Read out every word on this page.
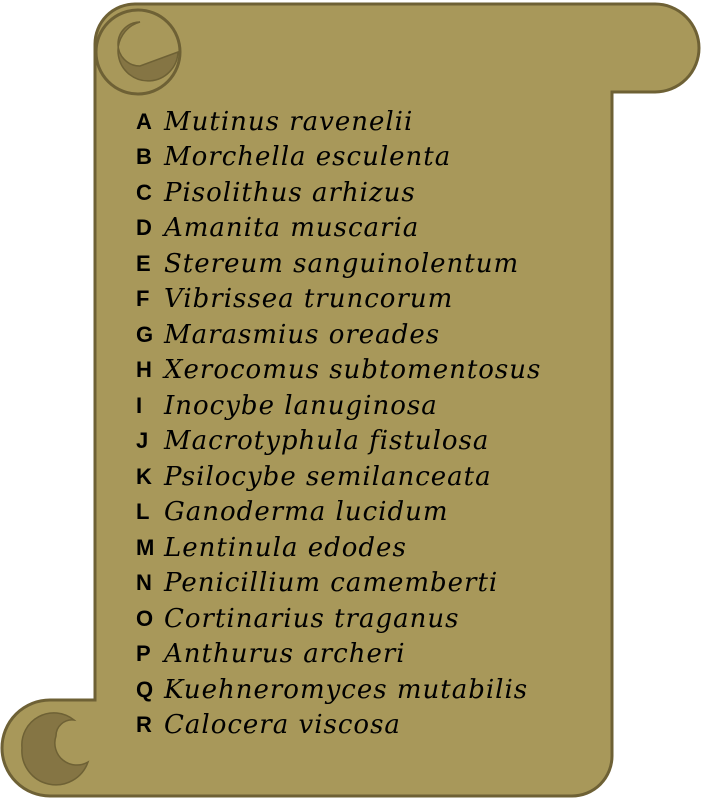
A Mutinus ravenelii
B Morchella esculenta
C Pisolithus arhizus
D Amanita muscaria
E Stereum sanguinolentum
F Vibrissea truncorum
G Marasmius oreades
H Xerocomus subtomentosus
I Inocybe lanuginosa
J Macrotyphula fistulosa
K Psilocybe semilanceata
L Ganoderma lucidum
M Lentinula edodes
N Penicillium camemberti
O Cortinarius traganus
P Anthurus archeri
Q Kuehneromyces mutabilis
R Calocera viscosa
